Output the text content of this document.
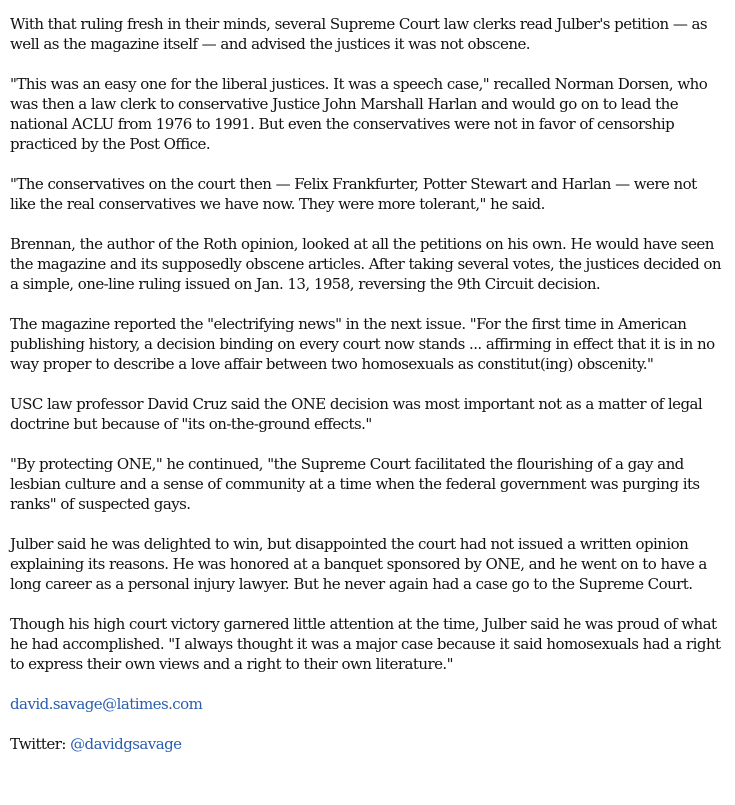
With that ruling fresh in their minds, several Supreme Court law clerks read Julber's petition — as well as the magazine itself — and advised the justices it was not obscene.

"This was an easy one for the liberal justices. It was a speech case," recalled Norman Dorsen, who was then a law clerk to conservative Justice John Marshall Harlan and would go on to lead the national ACLU from 1976 to 1991. But even the conservatives were not in favor of censorship practiced by the Post Office.

"The conservatives on the court then — Felix Frankfurter, Potter Stewart and Harlan — were not like the real conservatives we have now. They were more tolerant," he said.

Brennan, the author of the Roth opinion, looked at all the petitions on his own. He would have seen the magazine and its supposedly obscene articles. After taking several votes, the justices decided on a simple, one-line ruling issued on Jan. 13, 1958, reversing the 9th Circuit decision.

The magazine reported the "electrifying news" in the next issue. "For the first time in American publishing history, a decision binding on every court now stands ... affirming in effect that it is in no way proper to describe a love affair between two homosexuals as constitut(ing) obscenity."

USC law professor David Cruz said the ONE decision was most important not as a matter of legal doctrine but because of "its on-the-ground effects."

"By protecting ONE," he continued, "the Supreme Court facilitated the flourishing of a gay and lesbian culture and a sense of community at a time when the federal government was purging its ranks" of suspected gays.

Julber said he was delighted to win, but disappointed the court had not issued a written opinion explaining its reasons. He was honored at a banquet sponsored by ONE, and he went on to have a long career as a personal injury lawyer. But he never again had a case go to the Supreme Court.

Though his high court victory garnered little attention at the time, Julber said he was proud of what he had accomplished. "I always thought it was a major case because it said homosexuals had a right to express their own views and a right to their own literature."

david.savage@latimes.com

Twitter: @davidgsavage
